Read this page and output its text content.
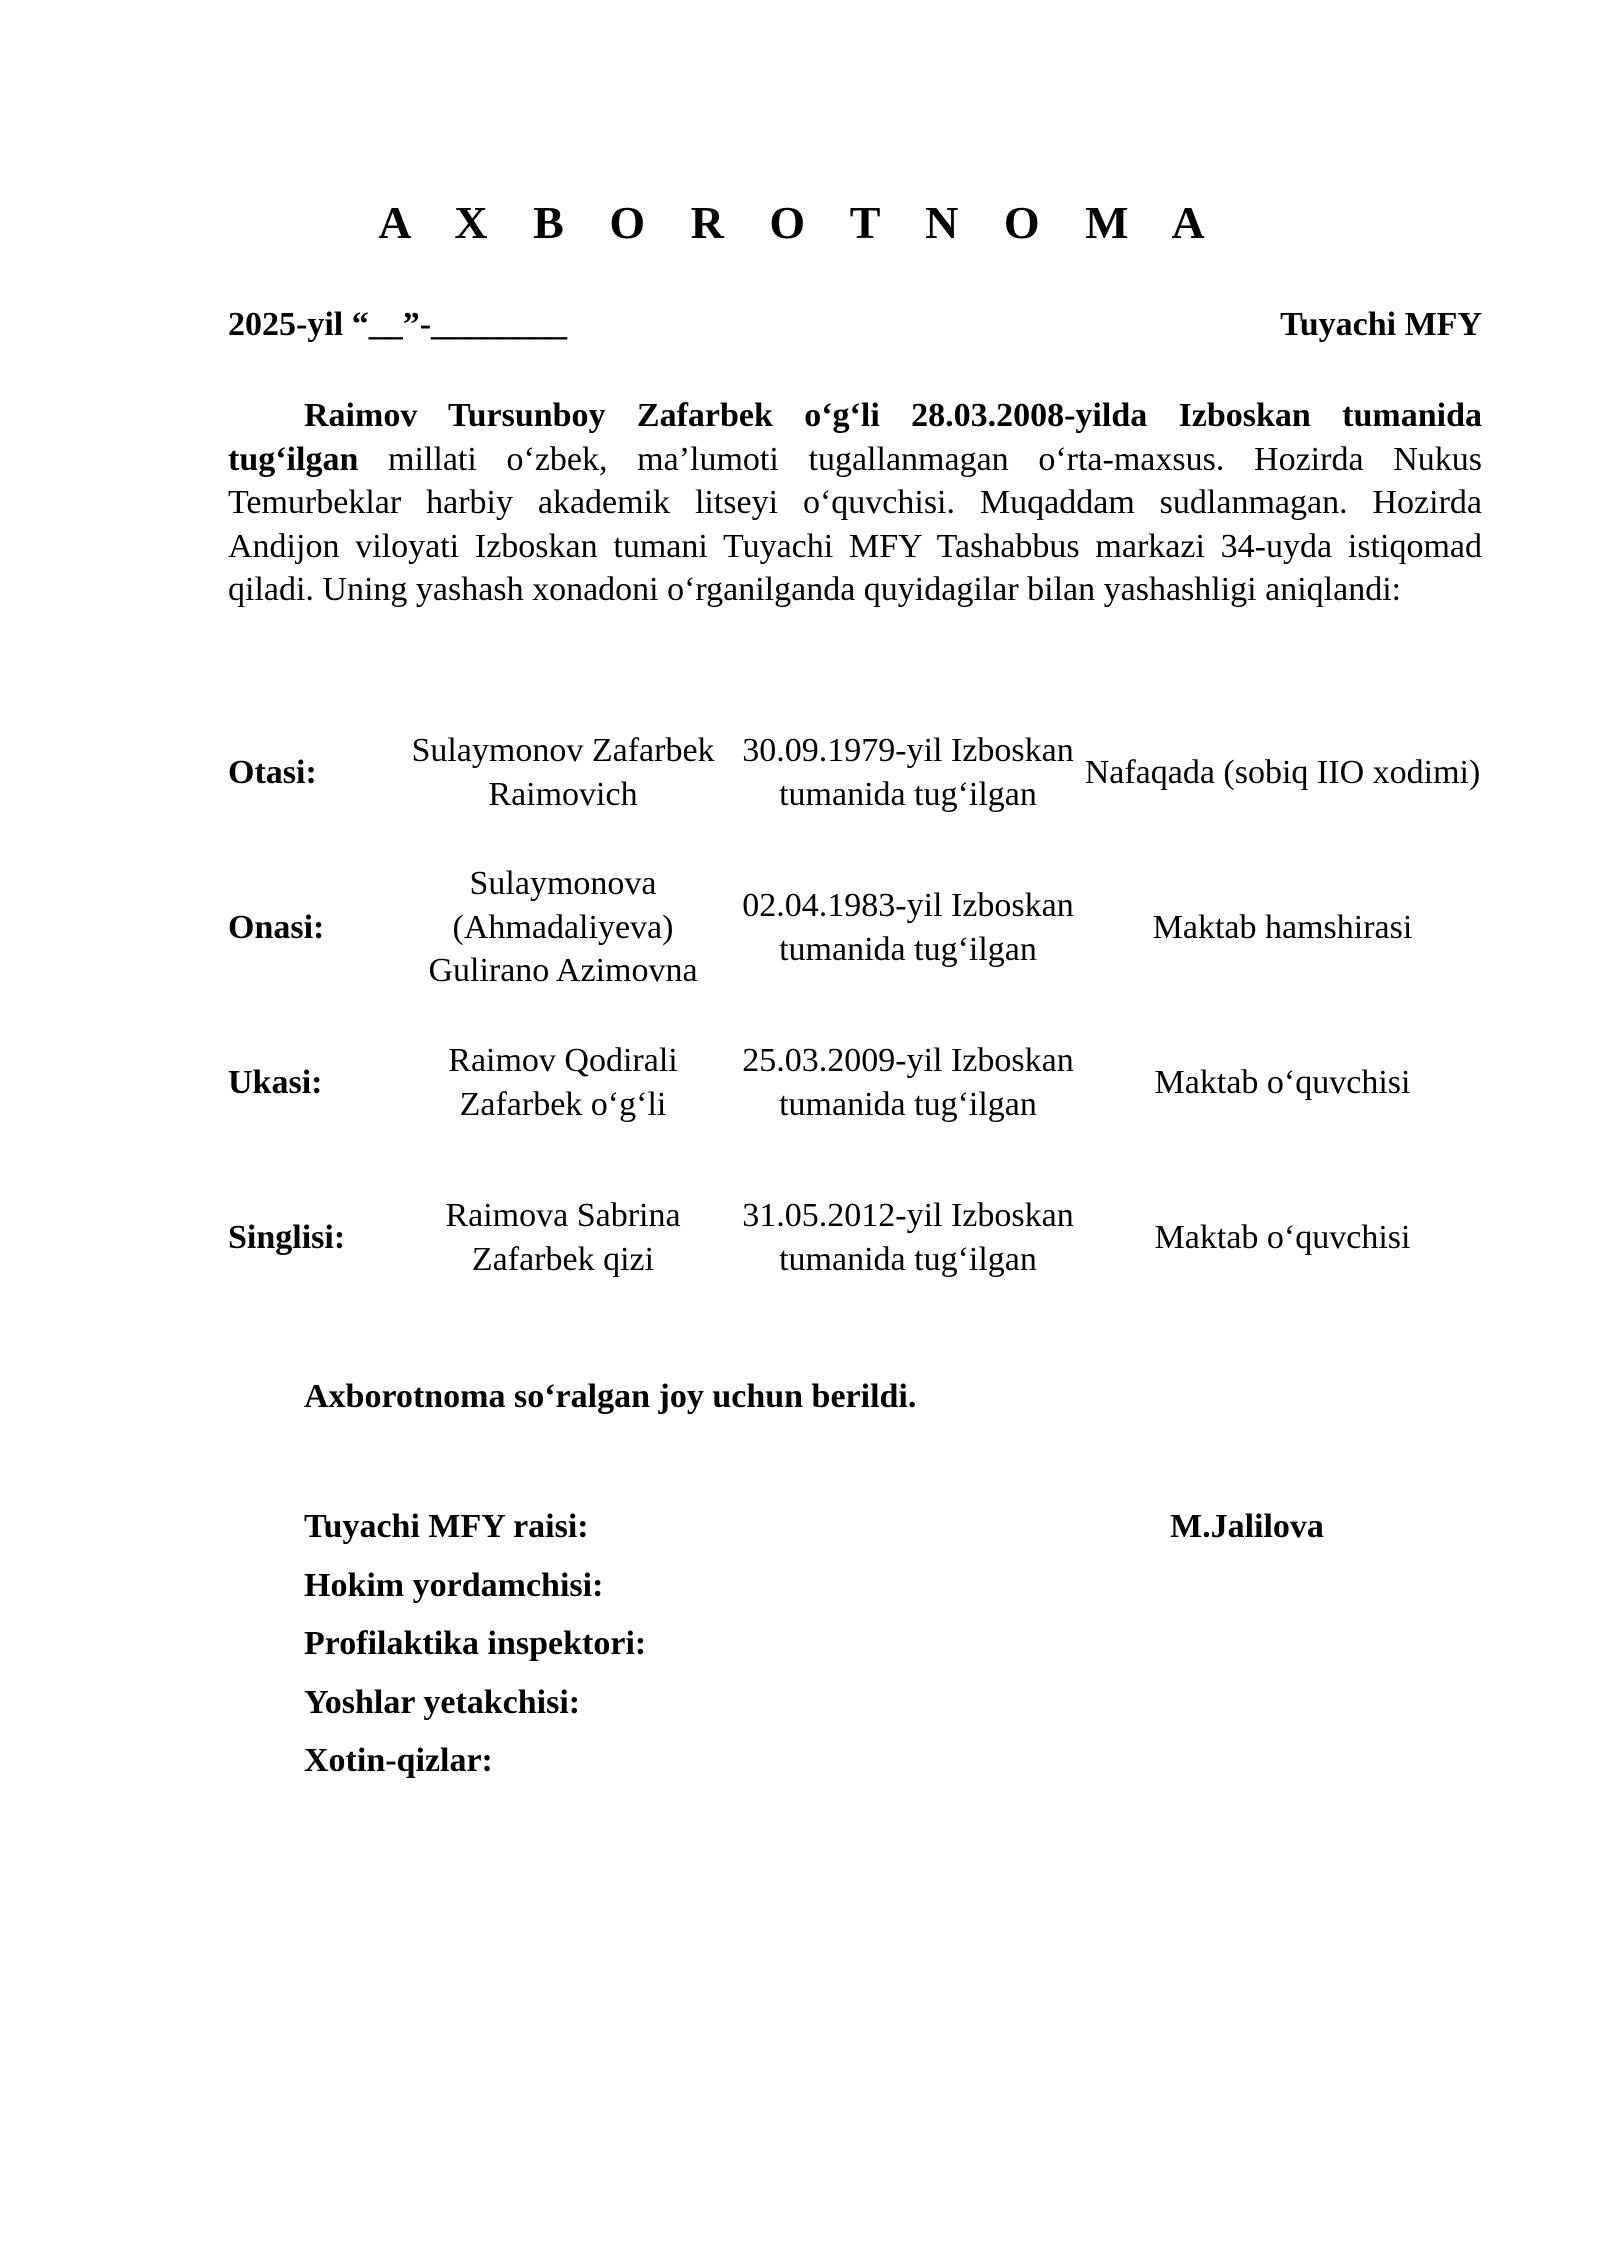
A X B O R O T N O M A
2025-yil “__”-________	Tuyachi MFY

Raimov Tursunboy Zafarbek o‘g‘li 28.03.2008-yilda Izboskan tumanida tug‘ilgan millati o‘zbek, ma’lumoti tugallanmagan o‘rta-maxsus. Hozirda Nukus Temurbeklar harbiy akademik litseyi o‘quvchisi. Muqaddam sudlanmagan. Hozirda Andijon viloyati Izboskan tumani Tuyachi MFY Tashabbus markazi 34-uyda istiqomad qiladi. Uning yashash xonadoni o‘rganilganda quyidagilar bilan yashashligi aniqlandi:

Otasi:	Sulaymonov Zafarbek Raimovich	30.09.1979-yil Izboskan tumanida tug‘ilgan	Nafaqada (sobiq IIO xodimi)
Onasi:	Sulaymonova (Ahmadaliyeva) Gulirano Azimovna	02.04.1983-yil Izboskan tumanida tug‘ilgan	Maktab hamshirasi
Ukasi:	Raimov Qodirali Zafarbek o‘g‘li	25.03.2009-yil Izboskan tumanida tug‘ilgan	Maktab o‘quvchisi
Singlisi:	Raimova Sabrina Zafarbek qizi	31.05.2012-yil Izboskan tumanida tug‘ilgan	Maktab o‘quvchisi

Axborotnoma so‘ralgan joy uchun berildi.

Tuyachi MFY raisi:	M.Jalilova
Hokim yordamchisi:
Profilaktika inspektori:
Yoshlar yetakchisi:
Xotin-qizlar:
